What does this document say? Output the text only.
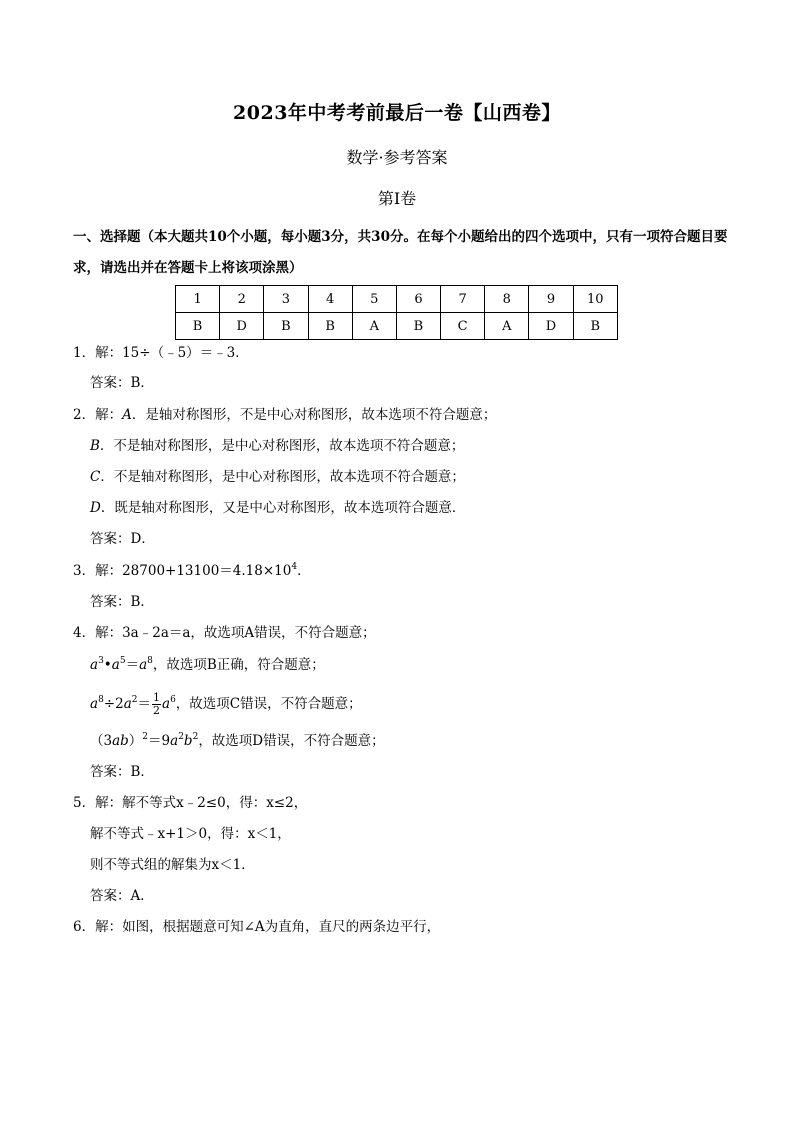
2023年中考考前最后一卷【山西卷】
数学·参考答案
第Ⅰ卷
一、选择题（本大题共10个小题，每小题3分，共30分。在每个小题给出的四个选项中，只有一项符合题目要求，请选出并在答题卡上将该项涂黑）
1	2	3	4	5	6	7	8	9	10
B	D	B	B	A	B	C	A	D	B
1．解：15÷（﹣5）＝﹣3．
答案：B．
2．解：A．是轴对称图形，不是中心对称图形，故本选项不符合题意；
B．不是轴对称图形，是中心对称图形，故本选项不符合题意；
C．不是轴对称图形，是中心对称图形，故本选项不符合题意；
D．既是轴对称图形，又是中心对称图形，故本选项符合题意．
答案：D．
3．解：$28700+13100=4.18\times 10^4$．
答案：B．
4．解：3a﹣2a＝a，故选项A错误，不符合题意；
$a^3•a^5=a^8$，故选项B正确，符合题意；
$a^8\div 2a^2= \frac{1}{2} a^6$，故选项C错误，不符合题意；
$(3ab)^2=9a^2b^2$，故选项D错误，不符合题意；
答案：B．
5．解：解不等式x﹣2≤0，得：x≤2，
解不等式﹣x+1＞0，得：x＜1，
则不等式组的解集为x＜1．
答案：A．
6．解：如图，根据题意可知∠A为直角，直尺的两条边平行，
